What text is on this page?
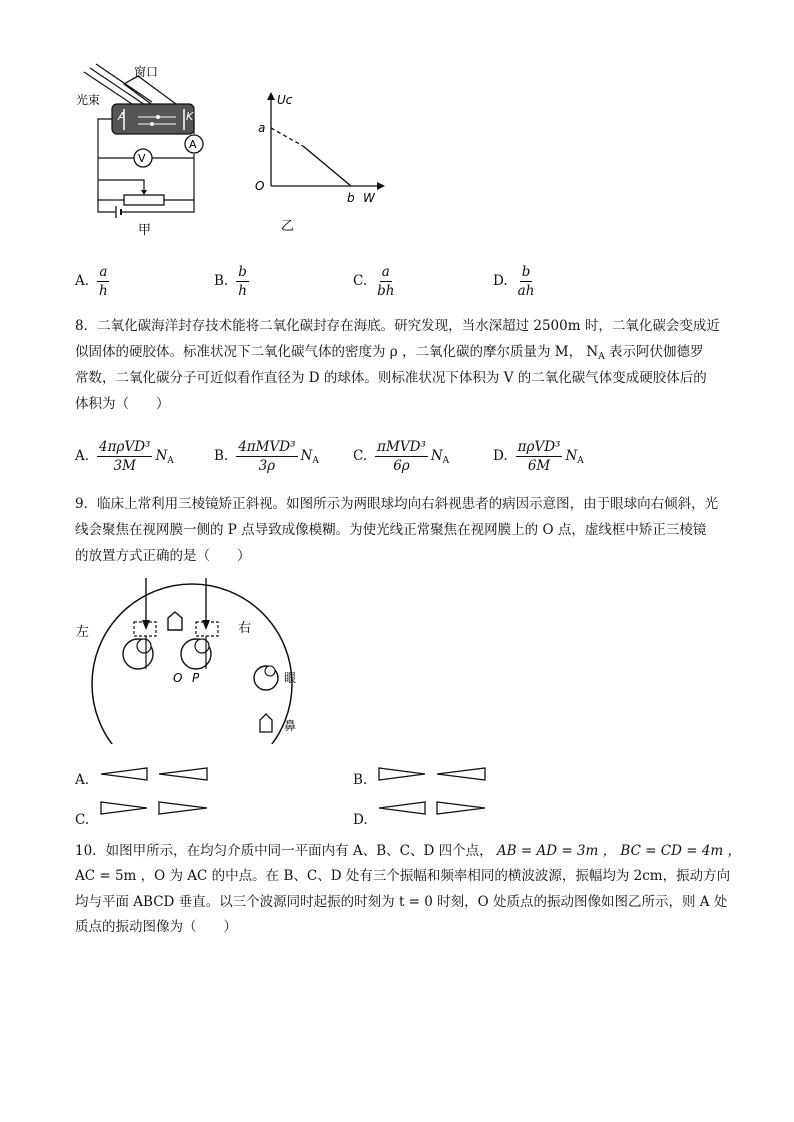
A	K
A
V
光束
窗口
甲
Uc
W
O
a
b
乙
A. $\frac{a}{h}$	B. $\frac{b}{h}$	C. $\frac{a}{bh}$	D. $\frac{b}{ah}$
8．二氧化碳海洋封存技术能将二氧化碳封存在海底。研究发现，当水深超过 2500m 时，二氧化碳会变成近
似固体的硬胶体。标准状况下二氧化碳气体的密度为 ρ ，二氧化碳的摩尔质量为 M， $N_A$ 表示阿伏伽德罗
常数，二氧化碳分子可近似看作直径为 D 的球体。则标准状况下体积为 V 的二氧化碳气体变成硬胶体后的
体积为（　　）
A. $\frac{\text{4πρVD³}}{3M} N_A$	B. $\frac{\text{4πMVD³}}{3\rho} N_A$	C. $\frac{\text{πMVD³}}{6\rho} N_A$	D. $\frac{\text{πρVD³}}{6M} N_A$
9．临床上常利用三棱镜矫正斜视。如图所示为两眼球均向右斜视患者的病因示意图，由于眼球向右倾斜，光
线会聚焦在视网膜一侧的 P 点导致成像模糊。为使光线正常聚焦在视网膜上的 O 点，虚线框中矫正三棱镜
的放置方式正确的是（　　）
O P
左	右
眼
鼻
A.	B.
C.	D.
10．如图甲所示，在均匀介质中同一平面内有 A、B、C、D 四个点， AB = AD = 3m ， BC = CD = 4m ，
AC = 5m ，O 为 AC 的中点。在 B、C、D 处有三个振幅和频率相同的横波波源，振幅均为 2cm，振动方向
均与平面 ABCD 垂直。以三个波源同时起振的时刻为 t = 0 时刻，O 处质点的振动图像如图乙所示，则 A 处
质点的振动图像为（　　）
